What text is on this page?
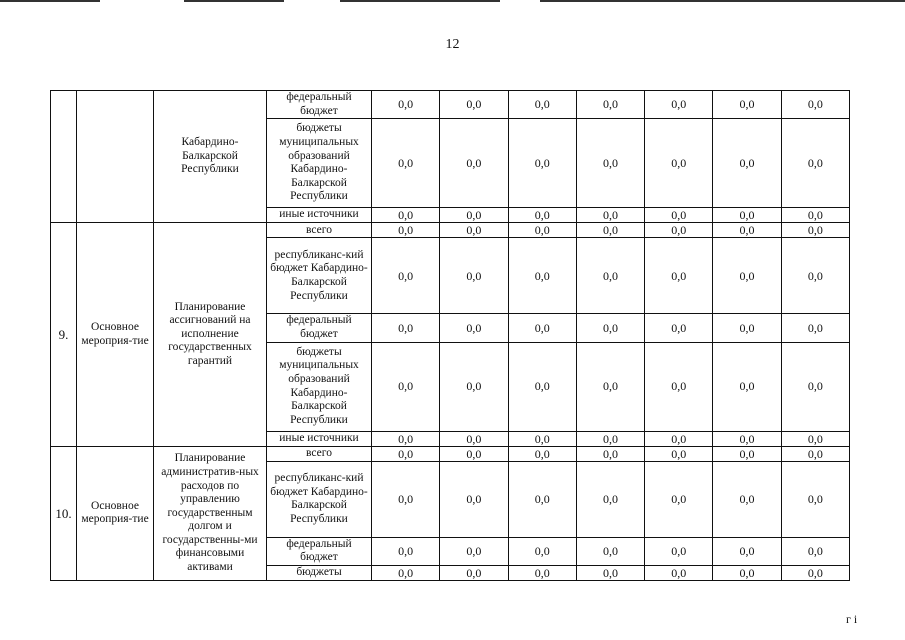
12
		Кабардино-Балкарской Республики	федеральный бюджет	0,0	0,0	0,0	0,0	0,0	0,0	0,0
			бюджеты муниципальных образований Кабардино-Балкарской Республики	0,0	0,0	0,0	0,0	0,0	0,0	0,0
			иные источники	0,0	0,0	0,0	0,0	0,0	0,0	0,0
9.	Основное мероприя-тие	Планирование ассигнований на исполнение государственных гарантий	всего	0,0	0,0	0,0	0,0	0,0	0,0	0,0
			республиканс-кий бюджет Кабардино-Балкарской Республики	0,0	0,0	0,0	0,0	0,0	0,0	0,0
			федеральный бюджет	0,0	0,0	0,0	0,0	0,0	0,0	0,0
			бюджеты муниципальных образований Кабардино-Балкарской Республики	0,0	0,0	0,0	0,0	0,0	0,0	0,0
			иные источники	0,0	0,0	0,0	0,0	0,0	0,0	0,0
10.	Основное мероприя-тие	Планирование административ-ных расходов по управлению государственным долгом и государственны-ми финансовыми активами	всего	0,0	0,0	0,0	0,0	0,0	0,0	0,0
			республиканс-кий бюджет Кабардино-Балкарской Республики	0,0	0,0	0,0	0,0	0,0	0,0	0,0
			федеральный бюджет	0,0	0,0	0,0	0,0	0,0	0,0	0,0
			бюджеты	0,0	0,0	0,0	0,0	0,0	0,0	0,0
г і
